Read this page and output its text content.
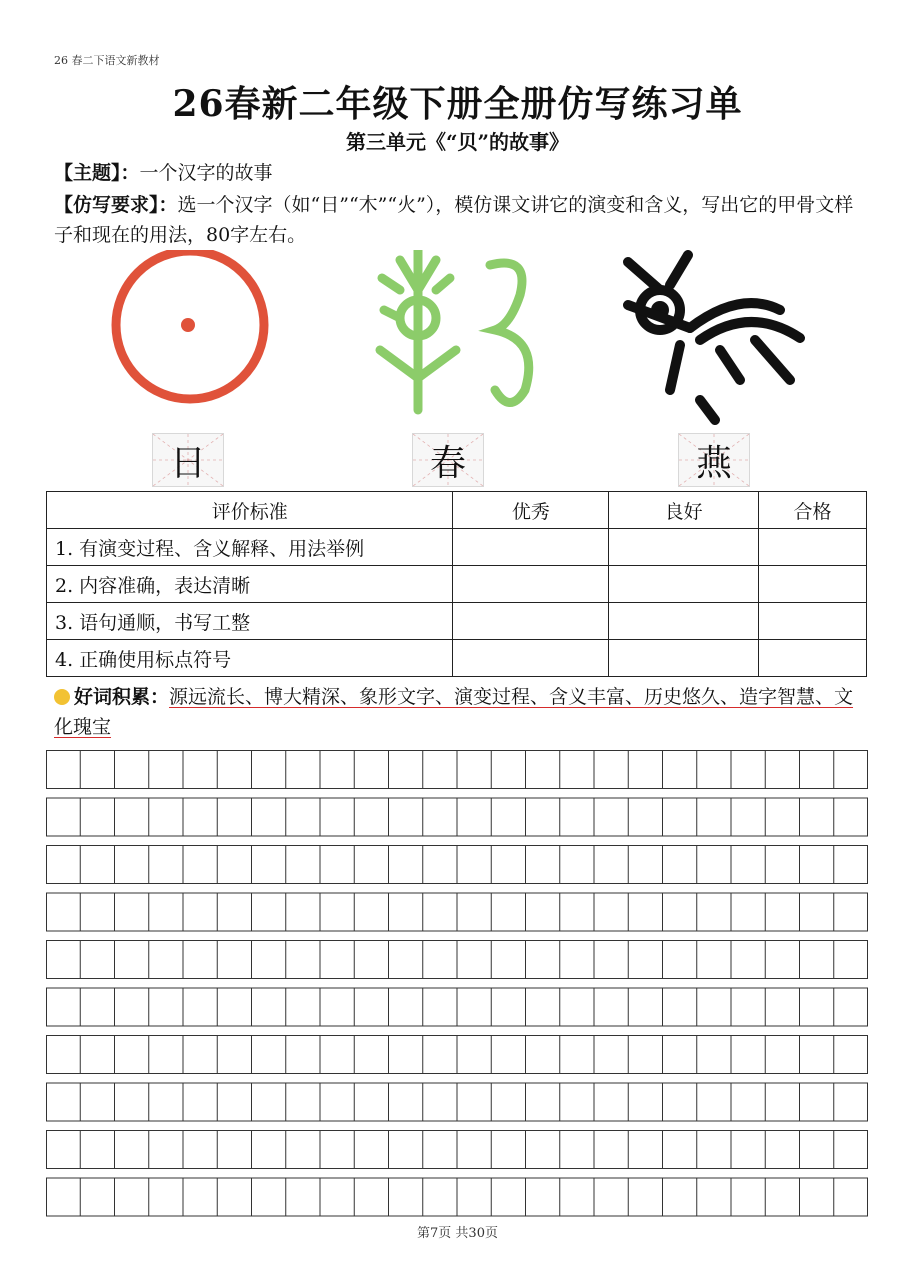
26 春二下语文新教材
26春新二年级下册全册仿写练习单
第三单元《“贝”的故事》
【主题】：一个汉字的故事
【仿写要求】：选一个汉字（如“日”“木”“火”），模仿课文讲它的演变和含义，写出它的甲骨文样子和现在的用法，80字左右。
日	春	燕
评价标准	优秀	良好	合格
1. 有演变过程、含义解释、用法举例			
2. 内容准确，表达清晰			
3. 语句通顺，书写工整			
4. 正确使用标点符号			
好词积累：源远流长、博大精深、象形文字、演变过程、含义丰富、历史悠久、造字智慧、文化瑰宝
第7页 共30页
